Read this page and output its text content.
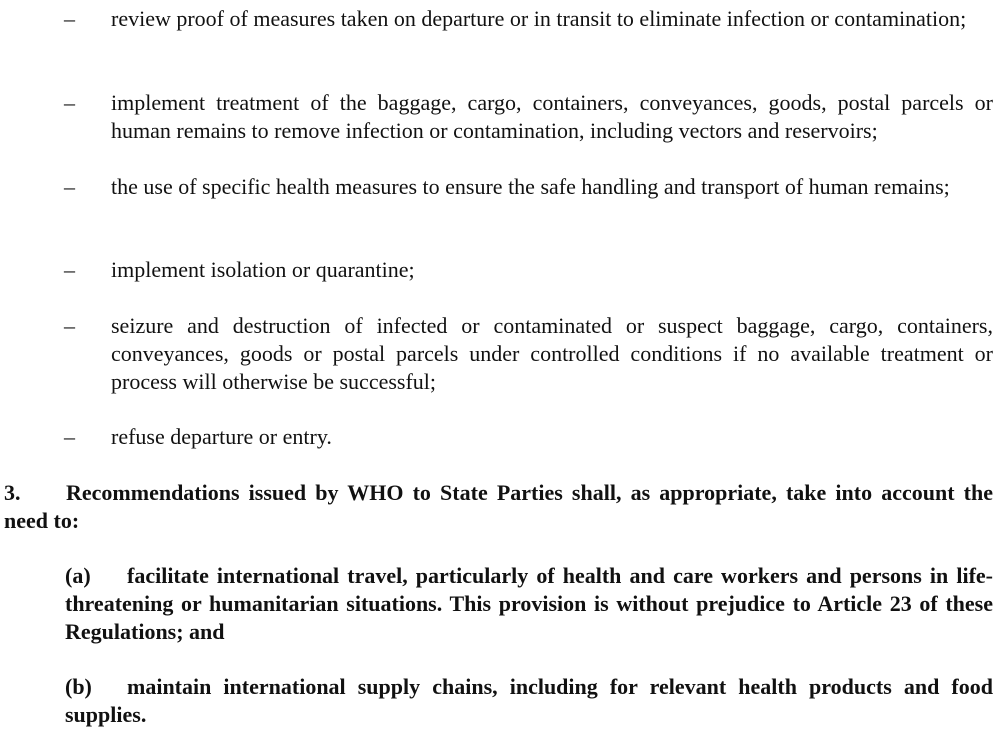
– review proof of measures taken on departure or in transit to eliminate infection or contamination;
– implement treatment of the baggage, cargo, containers, conveyances, goods, postal parcels or human remains to remove infection or contamination, including vectors and reservoirs;
– the use of specific health measures to ensure the safe handling and transport of human remains;
– implement isolation or quarantine;
– seizure and destruction of infected or contaminated or suspect baggage, cargo, containers, conveyances, goods or postal parcels under controlled conditions if no available treatment or process will otherwise be successful;
– refuse departure or entry.
3. Recommendations issued by WHO to State Parties shall, as appropriate, take into account the need to:
(a) facilitate international travel, particularly of health and care workers and persons in life-threatening or humanitarian situations. This provision is without prejudice to Article 23 of these Regulations; and
(b) maintain international supply chains, including for relevant health products and food supplies.
